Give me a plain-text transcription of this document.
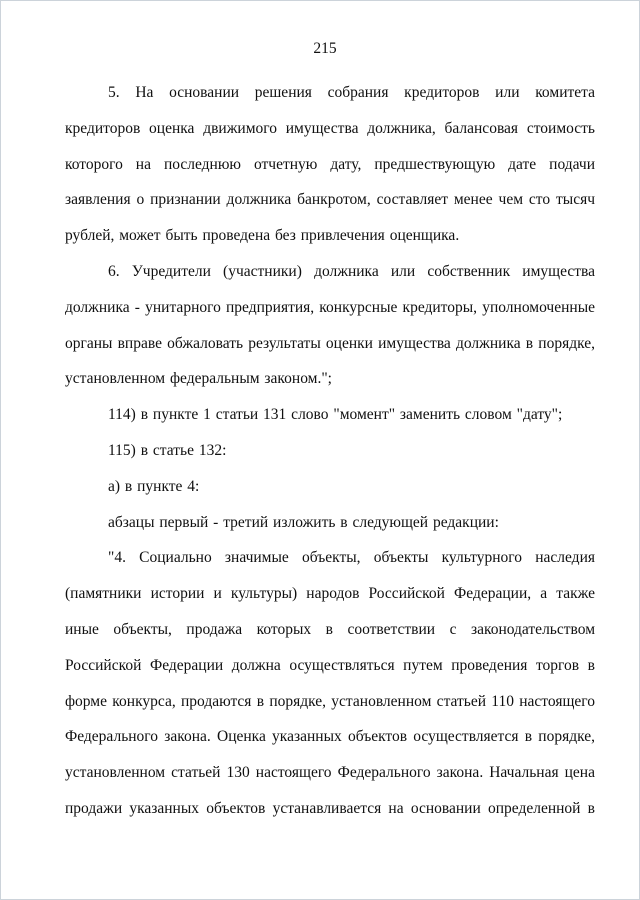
215

5. На основании решения собрания кредиторов или комитета кредиторов оценка движимого имущества должника, балансовая стоимость которого на последнюю отчетную дату, предшествующую дате подачи заявления о признании должника банкротом, составляет менее чем сто тысяч рублей, может быть проведена без привлечения оценщика.

6. Учредители (участники) должника или собственник имущества должника - унитарного предприятия, конкурсные кредиторы, уполномоченные органы вправе обжаловать результаты оценки имущества должника в порядке, установленном федеральным законом.";

114) в пункте 1 статьи 131 слово "момент" заменить словом "дату";

115) в статье 132:

а) в пункте 4:

абзацы первый - третий изложить в следующей редакции:

"4. Социально значимые объекты, объекты культурного наследия (памятники истории и культуры) народов Российской Федерации, а также иные объекты, продажа которых в соответствии с законодательством Российской Федерации должна осуществляться путем проведения торгов в форме конкурса, продаются в порядке, установленном статьей 110 настоящего Федерального закона. Оценка указанных объектов осуществляется в порядке, установленном статьей 130 настоящего Федерального закона. Начальная цена продажи указанных объектов устанавливается на основании определенной в
